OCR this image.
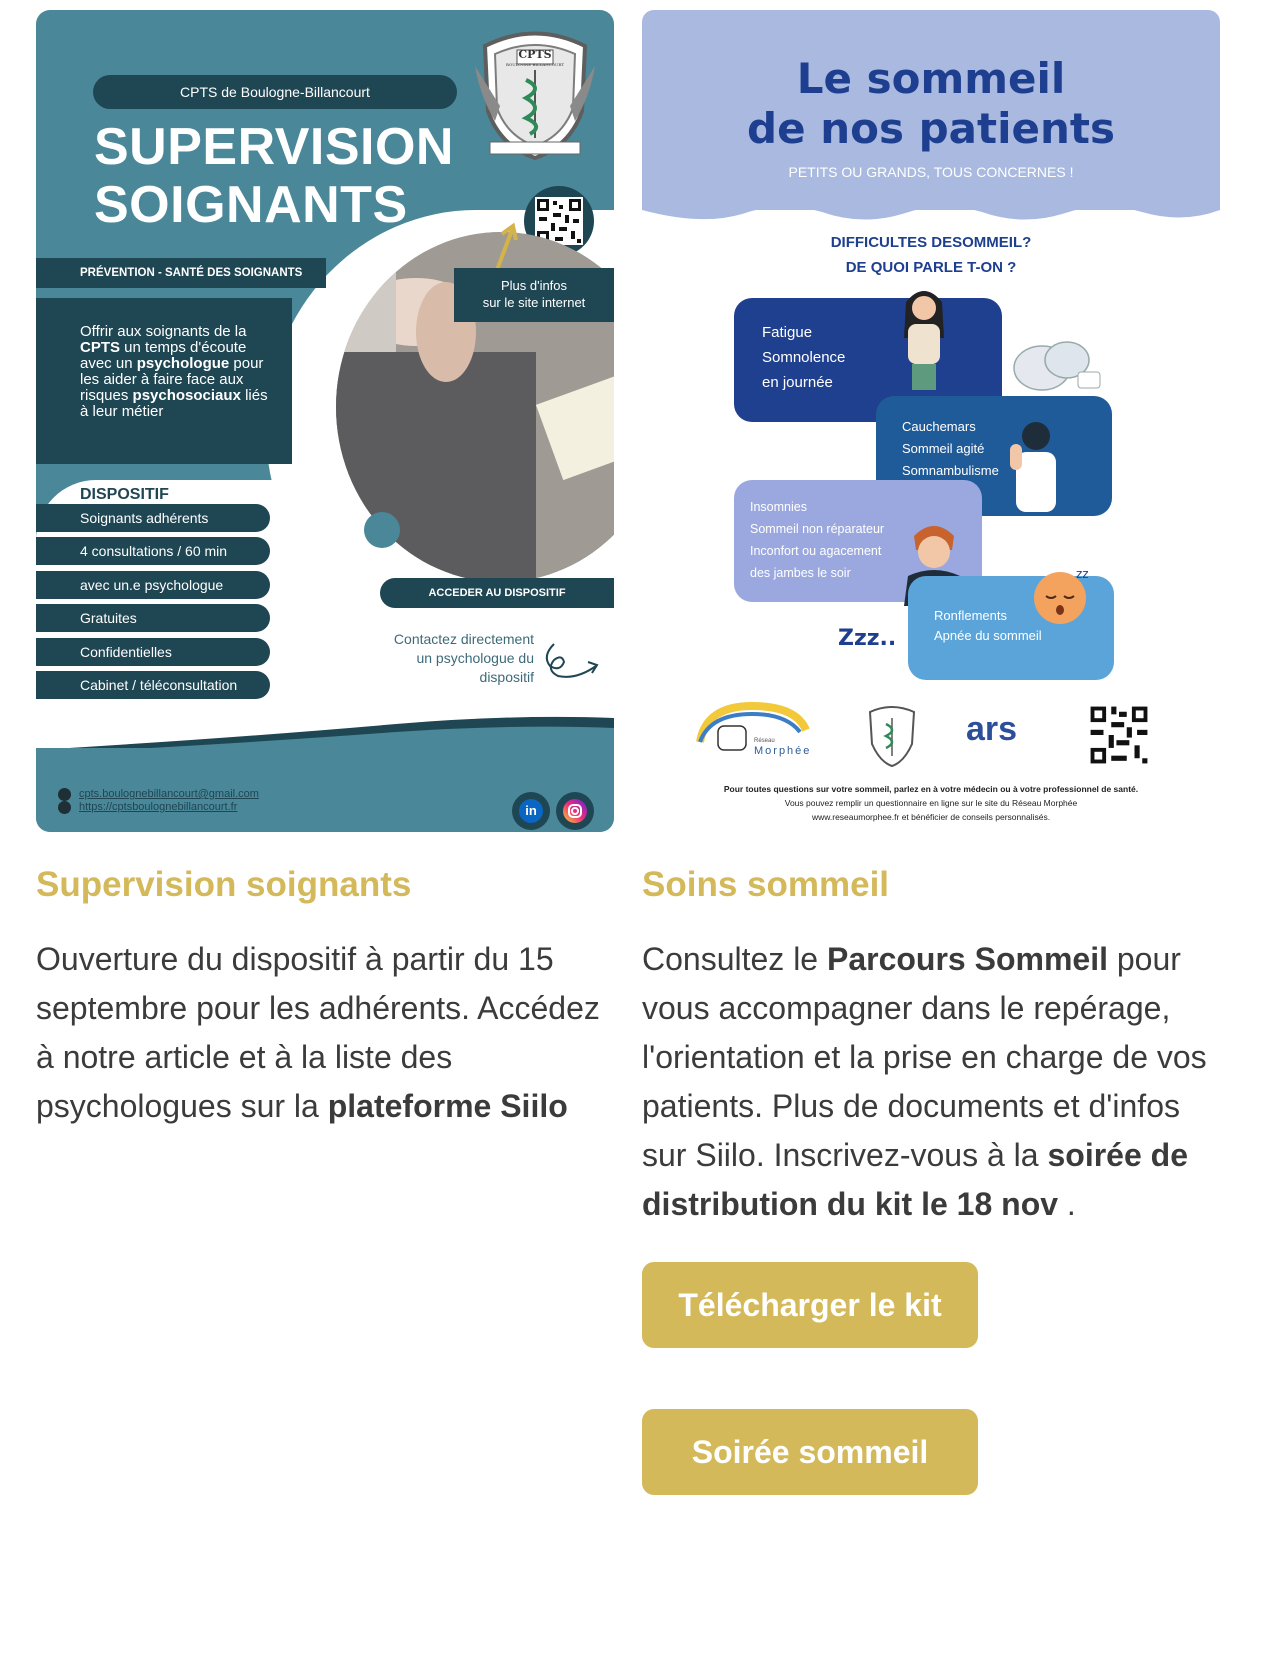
CPTS de Boulogne-Billancourt
SUPERVISION
SOIGNANTS
CPTS
BOULOGNE BILLANCOURT
PRÉVENTION - SANTÉ DES SOIGNANTS
Plus d'infos
sur le site internet
Offrir aux soignants de la CPTS un temps d'écoute avec un psychologue pour les aider à faire face aux risques psychosociaux liés à leur métier
DISPOSITIF
Soignants adhérents
4 consultations / 60 min
avec un.e psychologue
Gratuites
Confidentielles
Cabinet / téléconsultation
ACCEDER AU DISPOSITIF
Contactez directement
un psychologue du
dispositif
cpts.boulognebillancourt@gmail.com
https://cptsboulognebillancourt.fr	in
Supervision soignants
Ouverture du dispositif à partir du 15 septembre pour les adhérents. Accédez à notre article et à la liste des psychologues sur la plateforme Siilo
Le sommeil
de nos patients
PETITS OU GRANDS, TOUS CONCERNES !
DIFFICULTES DESOMMEIL?
DE QUOI PARLE T-ON ?
Fatigue
Somnolence
en journée
Cauchemars
Sommeil agité
Somnambulisme
Insomnies
Sommeil non réparateur
Inconfort ou agacement
des jambes le soir
Ronflements
Apnée du sommeil
zz
Zzz..
Réseau
Morphée
ars
Pour toutes questions sur votre sommeil, parlez en à votre médecin ou à votre professionnel de santé.
Vous pouvez remplir un questionnaire en ligne sur le site du Réseau Morphée
www.reseaumorphee.fr et bénéficier de conseils personnalisés.
Soins sommeil
Consultez le Parcours Sommeil pour vous accompagner dans le repérage, l'orientation et la prise en charge de vos patients. Plus de documents et d'infos sur Siilo. Inscrivez-vous à la soirée de distribution du kit le 18 nov .
Télécharger le kit
Soirée sommeil
